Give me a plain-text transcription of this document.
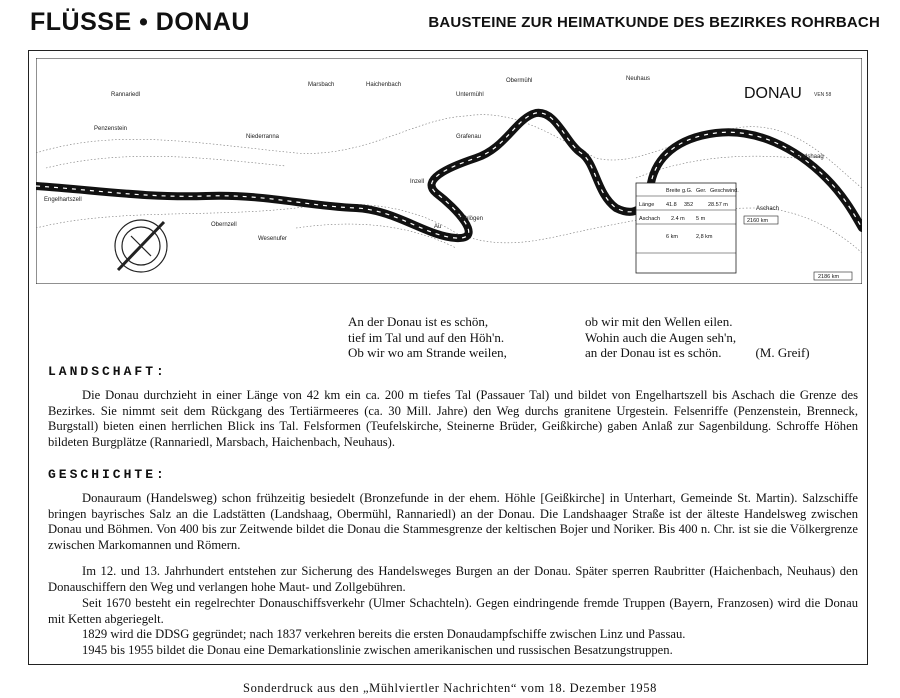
FLÜSSE • DONAU	BAUSTEINE ZUR HEIMATKUNDE DES BEZIRKES ROHRBACH
Penzenstein
Engelhartszell
Niederranna
Obernzell
Wesenufer
Rannariedl
Marsbach	Haichenbach
Untermühl
Obermühl
Schlögen
Grafenau
Au
Inzell
Neuhaus
Landshaag
Aschach
DONAU VEN 58
Breite g.G. Ger. Geschwind.
Länge 41.8 352	28.57 m
Aschach 2.4 m 5 m
6 km	2,8 km
2160 km
2186 km
An der Donau ist es schön,
tief im Tal und auf den Höh'n.
Ob wir wo am Strande weilen,
ob wir mit den Wellen eilen.
Wohin auch die Augen seh'n,
an der Donau ist es schön.	(M. Greif)
LANDSCHAFT:
Die Donau durchzieht in einer Länge von 42 km ein ca. 200 m tiefes Tal (Passauer Tal) und bildet von Engelhartszell bis Aschach die Grenze des Bezirkes. Sie nimmt seit dem Rückgang des Tertiärmeeres (ca. 30 Mill. Jahre) den Weg durchs granitene Urgestein. Felsenriffe (Penzenstein, Brenneck, Burgstall) bieten einen herrlichen Blick ins Tal. Felsformen (Teufelskirche, Steinerne Brüder, Geißkirche) gaben Anlaß zur Sagenbildung. Schroffe Höhen bildeten Burgplätze (Rannariedl, Marsbach, Haichenbach, Neuhaus).
GESCHICHTE:
Donauraum (Handelsweg) schon frühzeitig besiedelt (Bronzefunde in der ehem. Höhle [Geißkirche] in Unterhart, Gemeinde St. Martin). Salzschiffe bringen bayrisches Salz an die Ladstätten (Landshaag, Obermühl, Rannariedl) an der Donau. Die Landshaager Straße ist der älteste Handelsweg zwischen Donau und Böhmen. Von 400 bis zur Zeitwende bildet die Donau die Stammesgrenze der keltischen Bojer und Noriker. Bis 400 n. Chr. ist sie die Völkergrenze zwischen Markomannen und Römern.
Im 12. und 13. Jahrhundert entstehen zur Sicherung des Handelsweges Burgen an der Donau. Später sperren Raubritter (Haichenbach, Neuhaus) den Donauschiffern den Weg und verlangen hohe Maut- und Zollgebühren.
Seit 1670 besteht ein regelrechter Donauschiffsverkehr (Ulmer Schachteln). Gegen eindringende fremde Truppen (Bayern, Franzosen) wird die Donau mit Ketten abgeriegelt.
1829 wird die DDSG gegründet; nach 1837 verkehren bereits die ersten Donaudampfschiffe zwischen Linz und Passau.
1945 bis 1955 bildet die Donau eine Demarkationslinie zwischen amerikanischen und russischen Besatzungstruppen.
Sonderdruck aus den „Mühlviertler Nachrichten“ vom 18. Dezember 1958
